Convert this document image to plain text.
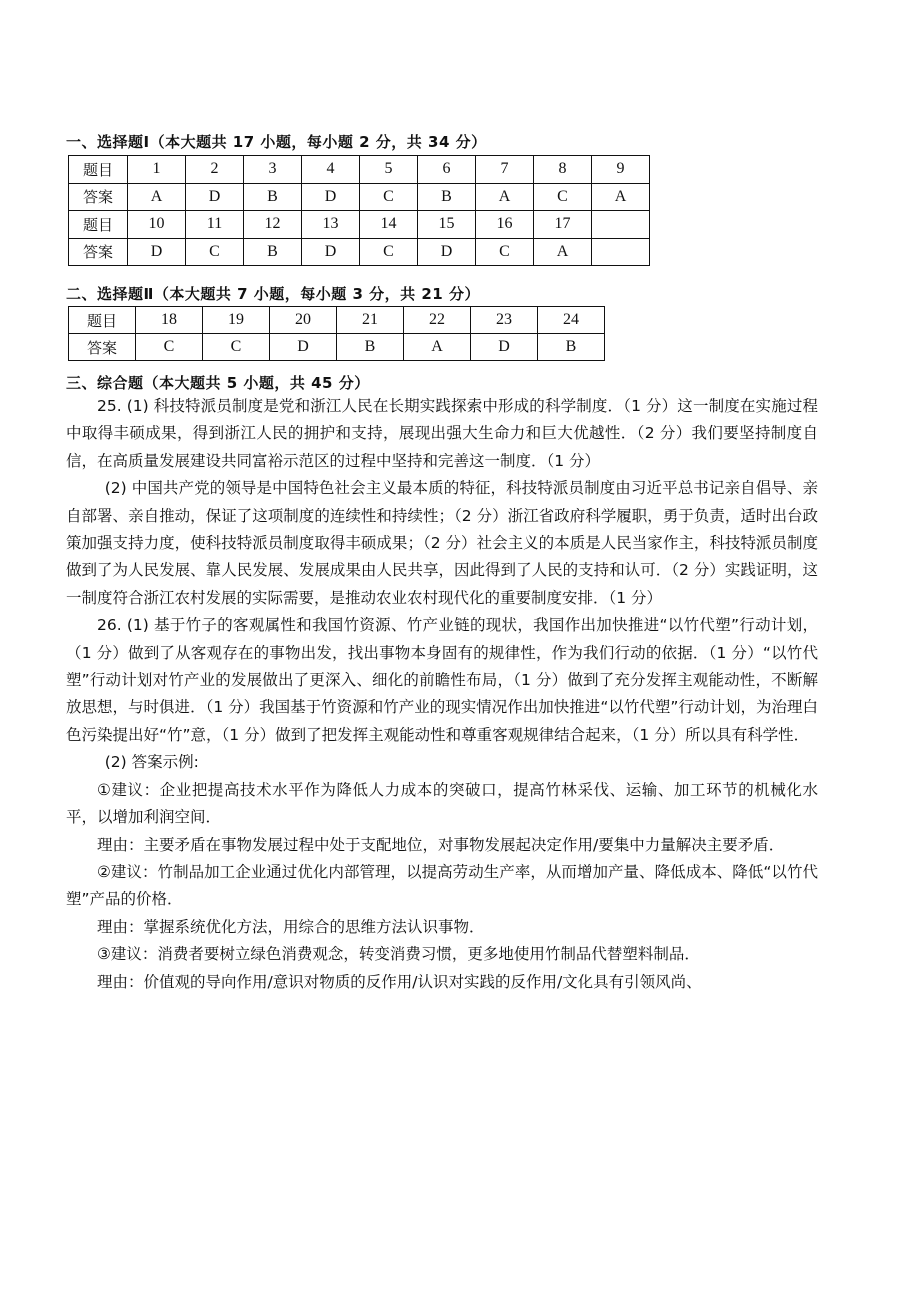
一、选择题Ⅰ（本大题共 17 小题，每小题 2 分，共 34 分）
题目	1	2	3	4	5	6	7	8	9
答案	A	D	B	D	C	B	A	C	A
题目	10	11	12	13	14	15	16	17	
答案	D	C	B	D	C	D	C	A	
二、选择题Ⅱ（本大题共 7 小题，每小题 3 分，共 21 分）
题目	18	19	20	21	22	23	24
答案	C	C	D	B	A	D	B
三、综合题（本大题共 5 小题，共 45 分）

25. (1) 科技特派员制度是党和浙江人民在长期实践探索中形成的科学制度．（1 分）这一制度在实施过程中取得丰硕成果，得到浙江人民的拥护和支持，展现出强大生命力和巨大优越性．（2 分）我们要坚持制度自信，在高质量发展建设共同富裕示范区的过程中坚持和完善这一制度．（1 分）

(2) 中国共产党的领导是中国特色社会主义最本质的特征，科技特派员制度由习近平总书记亲自倡导、亲自部署、亲自推动，保证了这项制度的连续性和持续性；（2 分）浙江省政府科学履职，勇于负责，适时出台政策加强支持力度，使科技特派员制度取得丰硕成果；（2 分）社会主义的本质是人民当家作主，科技特派员制度做到了为人民发展、靠人民发展、发展成果由人民共享，因此得到了人民的支持和认可．（2 分）实践证明，这一制度符合浙江农村发展的实际需要，是推动农业农村现代化的重要制度安排．（1 分）

26. (1) 基于竹子的客观属性和我国竹资源、竹产业链的现状，我国作出加快推进“以竹代塑”行动计划，（1 分）做到了从客观存在的事物出发，找出事物本身固有的规律性，作为我们行动的依据．（1 分）“以竹代塑”行动计划对竹产业的发展做出了更深入、细化的前瞻性布局，（1 分）做到了充分发挥主观能动性，不断解放思想，与时俱进．（1 分）我国基于竹资源和竹产业的现实情况作出加快推进“以竹代塑”行动计划，为治理白色污染提出好“竹”意，（1 分）做到了把发挥主观能动性和尊重客观规律结合起来，（1 分）所以具有科学性．

(2) 答案示例:

①建议：企业把提高技术水平作为降低人力成本的突破口，提高竹林采伐、运输、加工环节的机械化水平，以增加利润空间．

理由：主要矛盾在事物发展过程中处于支配地位，对事物发展起决定作用/要集中力量解决主要矛盾．

②建议：竹制品加工企业通过优化内部管理，以提高劳动生产率，从而增加产量、降低成本、降低“以竹代塑”产品的价格．

理由：掌握系统优化方法，用综合的思维方法认识事物．

③建议：消费者要树立绿色消费观念，转变消费习惯，更多地使用竹制品代替塑料制品．

理由：价值观的导向作用/意识对物质的反作用/认识对实践的反作用/文化具有引领风尚、
